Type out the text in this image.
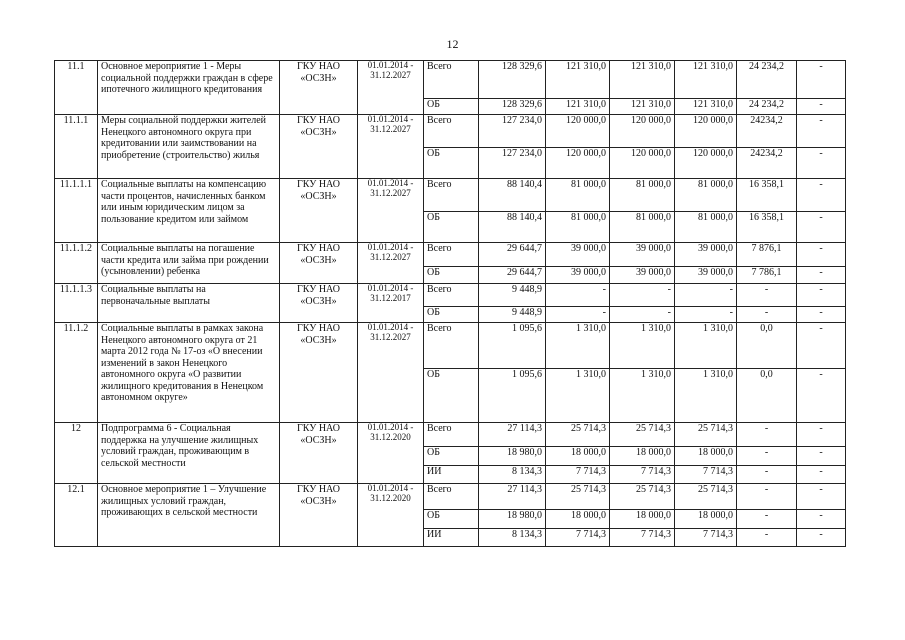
12
11.1	Основное мероприятие 1 - Меры социальной поддержки граждан в сфере ипотечного жилищного кредитования	ГКУ НАО «ОСЗН»	01.01.2014 - 31.12.2027	Всего	128 329,6	121 310,0	121 310,0	121 310,0	24 234,2	-
				ОБ	128 329,6	121 310,0	121 310,0	121 310,0	24 234,2	-
11.1.1	Меры социальной поддержки жителей Ненецкого автономного округа при кредитовании или заимствовании на приобретение (строительство) жилья	ГКУ НАО «ОСЗН»	01.01.2014 - 31.12.2027	Всего	127 234,0	120 000,0	120 000,0	120 000,0	24234,2	-
				ОБ	127 234,0	120 000,0	120 000,0	120 000,0	24234,2	-
11.1.1.1	Социальные выплаты на компенсацию части процентов, начисленных банком или иным юридическим лицом за пользование кредитом или займом	ГКУ НАО «ОСЗН»	01.01.2014 - 31.12.2027	Всего	88 140,4	81 000,0	81 000,0	81 000,0	16 358,1	-
				ОБ	88 140,4	81 000,0	81 000,0	81 000,0	16 358,1	-
11.1.1.2	Социальные выплаты на погашение части кредита или займа при рождении (усыновлении) ребенка	ГКУ НАО «ОСЗН»	01.01.2014 - 31.12.2027	Всего	29 644,7	39 000,0	39 000,0	39 000,0	7 876,1	-
				ОБ	29 644,7	39 000,0	39 000,0	39 000,0	7 786,1	-
11.1.1.3	Социальные выплаты на первоначальные выплаты	ГКУ НАО «ОСЗН»	01.01.2014 - 31.12.2017	Всего	9 448,9	-	-	-	-	-
				ОБ	9 448,9	-	-	-	-	-
11.1.2	Социальные выплаты в рамках закона Ненецкого автономного округа от 21 марта 2012 года № 17-оз «О внесении изменений в закон Ненецкого автономного округа «О развитии жилищного кредитования в Ненецком автономном округе»	ГКУ НАО «ОСЗН»	01.01.2014 - 31.12.2027	Всего	1 095,6	1 310,0	1 310,0	1 310,0	0,0	-
				ОБ	1 095,6	1 310,0	1 310,0	1 310,0	0,0	-
12	Подпрограмма 6 - Социальная поддержка на улучшение жилищных условий граждан, проживающим в сельской местности	ГКУ НАО «ОСЗН»	01.01.2014 - 31.12.2020	Всего	27 114,3	25 714,3	25 714,3	25 714,3	-	-
				ОБ	18 980,0	18 000,0	18 000,0	18 000,0	-	-
				ИИ	8 134,3	7 714,3	7 714,3	7 714,3	-	-
12.1	Основное мероприятие 1 – Улучшение жилищных условий граждан, проживающих в сельской местности	ГКУ НАО «ОСЗН»	01.01.2014 - 31.12.2020	Всего	27 114,3	25 714,3	25 714,3	25 714,3	-	-
				ОБ	18 980,0	18 000,0	18 000,0	18 000,0	-	-
				ИИ	8 134,3	7 714,3	7 714,3	7 714,3	-	-
